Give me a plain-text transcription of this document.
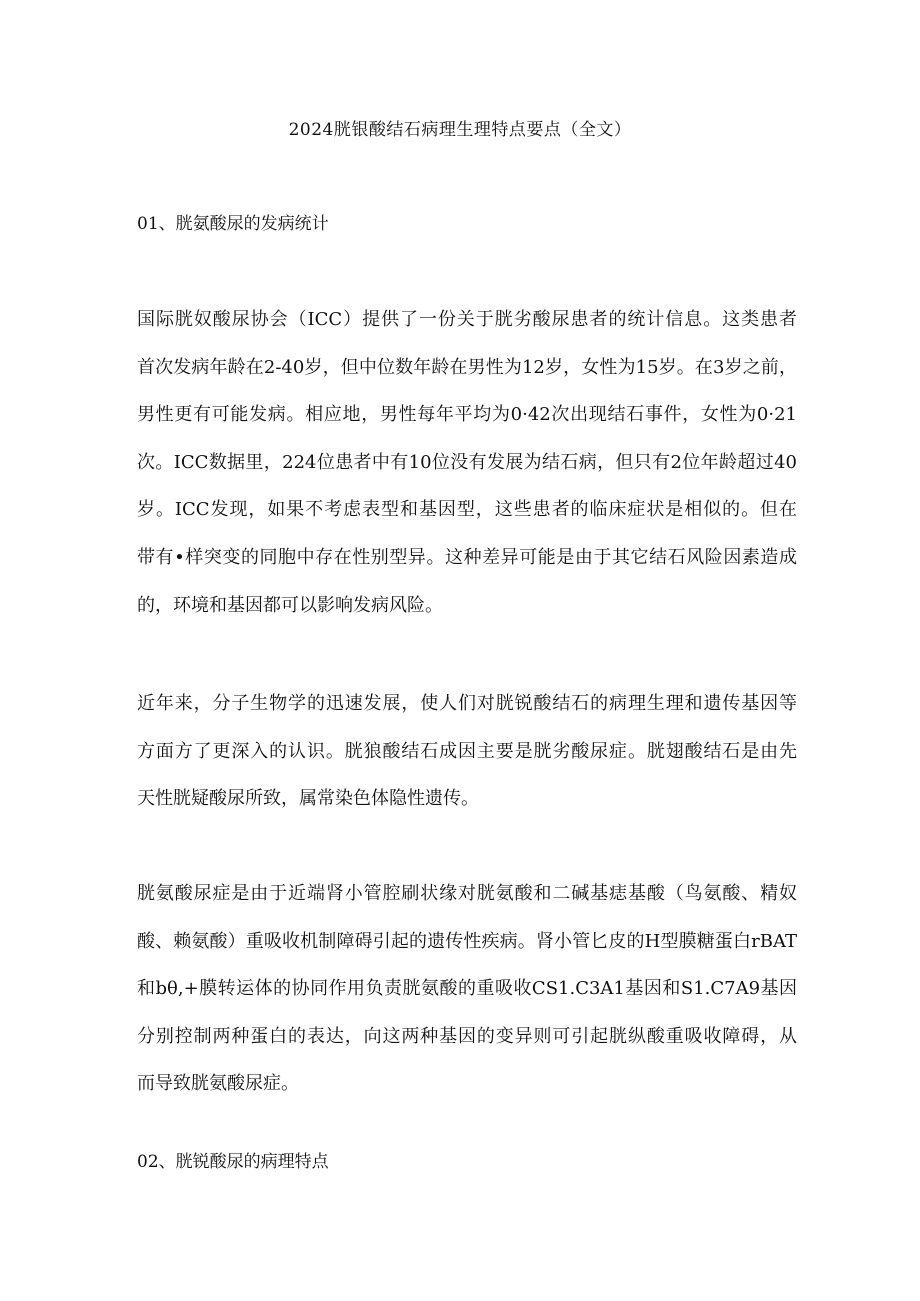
2024胱银酸结石病理生理特点要点（全文）
01、胱氨酸尿的发病统计
国际胱奴酸尿协会（ICC）提供了一份关于胱劣酸尿患者的统计信息。这类患者
首次发病年龄在2-40岁，但中位数年龄在男性为12岁，女性为15岁。在3岁之前，
男性更有可能发病。相应地，男性每年平均为0·42次出现结石事件，女性为0·21
次。ICC数据里，224位患者中有10位没有发展为结石病，但只有2位年龄超过40
岁。ICC发现，如果不考虑表型和基因型，这些患者的临床症状是相似的。但在
带有•样突变的同胞中存在性别型异。这种差异可能是由于其它结石风险因素造成
的，环境和基因都可以影响发病风险。
近年来，分子生物学的迅速发展，使人们对胱锐酸结石的病理生理和遗传基因等
方面方了更深入的认识。胱狼酸结石成因主要是胱劣酸尿症。胱翅酸结石是由先
天性胱疑酸尿所致，属常染色体隐性遗传。
胱氨酸尿症是由于近端肾小管腔刷状缘对胱氨酸和二碱基痣基酸（鸟氨酸、精奴
酸、赖氨酸）重吸收机制障碍引起的遗传性疾病。肾小管匕皮的H型膜糖蛋白rBAT
和bθ,+膜转运体的协同作用负责胱氨酸的重吸收CS1.C3A1基因和S1.C7A9基因
分别控制两种蛋白的表达，向这两种基因的变异则可引起胱纵酸重吸收障碍，从
而导致胱氨酸尿症。
02、胱锐酸尿的病理特点
